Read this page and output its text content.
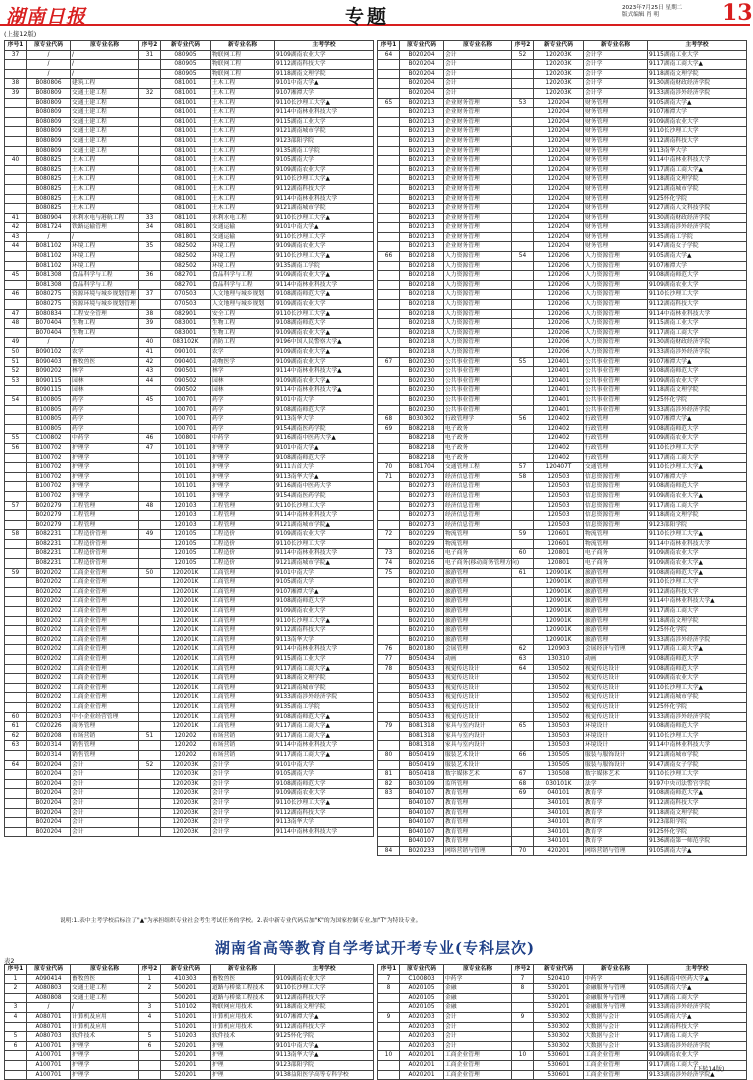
湖南日报	专题	2023年7月25日 星期二
版式编辑 肖 明	13
(上接12版)
序号1	原专业代码	原专业名称	序号2	新专业代码	新专业名称	主考学校
37	/	/	31	080905	物联网工程	9109湖南农业大学
	/	/		080905	物联网工程	9112湖南科技大学
	/	/		080905	物联网工程	9118湖南文理学院
38	B080806	建筑工程		081001	土木工程	9101中南大学▲
39	B080809	交通土建工程	32	081001	土木工程	9107湘潭大学
	B080809	交通土建工程		081001	土木工程	9110长沙理工大学▲
	B080809	交通土建工程		081001	土木工程	9114中南林业科技大学
	B080809	交通土建工程		081001	土木工程	9115湖南工业大学
	B080809	交通土建工程		081001	土木工程	9121湖南城市学院
	B080809	交通土建工程		081001	土木工程	9123邵阳学院
	B080809	交通土建工程		081001	土木工程	9135湖南工学院
40	B080825	土木工程		081001	土木工程	9105湖南大学
	B080825	土木工程		081001	土木工程	9109湖南农业大学
	B080825	土木工程		081001	土木工程	9110长沙理工大学▲
	B080825	土木工程		081001	土木工程	9112湖南科技大学
	B080825	土木工程		081001	土木工程	9114中南林业科技大学
	B080825	土木工程		081001	土木工程	9121湖南城市学院
41	B080904	水利水电与港航工程	33	081101	水利水电工程	9110长沙理工大学▲
42	B081724	铁路运输管理	34	081801	交通运输	9101中南大学▲
43	/	/		081801	交通运输	9110长沙理工大学
44	B081102	环境工程	35	082502	环境工程	9109湖南农业大学
	B081102	环境工程		082502	环境工程	9110长沙理工大学▲
	B081102	环境工程		082502	环境工程	9135湖南工学院
45	B081308	食品科学与工程	36	082701	食品科学与工程	9109湖南农业大学▲
	B081308	食品科学与工程		082701	食品科学与工程	9114中南林业科技大学
46	B080275	资源环境与城乡规划管理	37	070503	人文地理与城乡规划	9108湖南师范大学▲
	B080275	资源环境与城乡规划管理		070503	人文地理与城乡规划	9109湖南农业大学
47	B080834	工程安全管理	38	082901	安全工程	9110长沙理工大学▲
48	B070404	生物工程	39	083001	生物工程	9108湖南师范大学
	B070404	生物工程		083001	生物工程	9109湖南农业大学▲
49	/	/	40	083102K	消防工程	9196中国人民警察大学▲
50	B090102	农学	41	090101	农学	9109湖南农业大学▲
51	B090403	畜牧兽医	42	090401	动物医学	9109湖南农业大学
52	B090202	林学	43	090501	林学	9114中南林业科技大学▲
53	B090115	园林	44	090502	园林	9109湖南农业大学▲
	B090115	园林		090502	园林	9114中南林业科技大学▲
54	B100805	药学	45	100701	药学	9101中南大学
	B100805	药学		100701	药学	9108湖南师范大学
	B100805	药学		100701	药学	9113南华大学
	B100805	药学		100701	药学	9154湖南医药学院
55	C100802	中药学	46	100801	中药学	9116湖南中医药大学▲
56	B100702	护理学	47	101101	护理学	9101中南大学▲
	B100702	护理学		101101	护理学	9108湖南师范大学
	B100702	护理学		101101	护理学	9111吉首大学
	B100702	护理学		101101	护理学	9113南华大学▲
	B100702	护理学		101101	护理学	9116湖南中医药大学
	B100702	护理学		101101	护理学	9154湖南医药学院
57	B020279	工程管理	48	120103	工程管理	9110长沙理工大学
	B020279	工程管理		120103	工程管理	9114中南林业科技大学
	B020279	工程管理		120103	工程管理	9121湖南城市学院▲
58	B082231	工程造价管理	49	120105	工程造价	9109湖南农业大学
	B082231	工程造价管理		120105	工程造价	9110长沙理工大学
	B082231	工程造价管理		120105	工程造价	9114中南林业科技大学
	B082231	工程造价管理		120105	工程造价	9121湖南城市学院▲
59	B020202	工商企业管理	50	120201K	工商管理	9101中南大学
	B020202	工商企业管理		120201K	工商管理	9105湖南大学
	B020202	工商企业管理		120201K	工商管理	9107湘潭大学▲
	B020202	工商企业管理		120201K	工商管理	9108湖南师范大学
	B020202	工商企业管理		120201K	工商管理	9109湖南农业大学
	B020202	工商企业管理		120201K	工商管理	9110长沙理工大学▲
	B020202	工商企业管理		120201K	工商管理	9112湖南科技大学
	B020202	工商企业管理		120201K	工商管理	9113南华大学
	B020202	工商企业管理		120201K	工商管理	9114中南林业科技大学
	B020202	工商企业管理		120201K	工商管理	9115湖南工业大学
	B020202	工商企业管理		120201K	工商管理	9117湖南工商大学▲
	B020202	工商企业管理		120201K	工商管理	9118湖南文理学院
	B020202	工商企业管理		120201K	工商管理	9121湖南城市学院
	B020202	工商企业管理		120201K	工商管理	9133湖南涉外经济学院
	B020202	工商企业管理		120201K	工商管理	9135湖南工学院
60	B020203	中小企业经营管理		120201K	工商管理	9108湖南师范大学▲
61	C020226	商务管理		120201K	工商管理	9117湖南工商大学▲
62	B020208	市场营销	51	120202	市场营销	9117湖南工商大学▲
63	B020314	销售管理		120202	市场营销	9114中南林业科技大学
	B020314	销售管理		120202	市场营销	9117湖南工商大学▲
64	B020204	会计	52	120203K	会计学	9101中南大学
	B020204	会计		120203K	会计学	9105湖南大学
	B020204	会计		120203K	会计学	9108湖南师范大学
	B020204	会计		120203K	会计学	9109湖南农业大学
	B020204	会计		120203K	会计学	9110长沙理工大学▲
	B020204	会计		120203K	会计学	9112湖南科技大学
	B020204	会计		120203K	会计学	9113南华大学
	B020204	会计		120203K	会计学	9114中南林业科技大学
序号1	原专业代码	原专业名称	序号2	新专业代码	新专业名称	主考学校
64	B020204	会计	52	120203K	会计学	9115湖南工业大学
	B020204	会计		120203K	会计学	9117湖南工商大学▲
	B020204	会计		120203K	会计学	9118湖南文理学院
	B020204	会计		120203K	会计学	9130湖南财政经济学院
	B020204	会计		120203K	会计学	9133湖南涉外经济学院
65	B020213	企业财务管理	53	120204	财务管理	9105湖南大学▲
	B020213	企业财务管理		120204	财务管理	9107湘潭大学
	B020213	企业财务管理		120204	财务管理	9109湖南农业大学
	B020213	企业财务管理		120204	财务管理	9110长沙理工大学
	B020213	企业财务管理		120204	财务管理	9112湖南科技大学
	B020213	企业财务管理		120204	财务管理	9113南华大学
	B020213	企业财务管理		120204	财务管理	9114中南林业科技大学
	B020213	企业财务管理		120204	财务管理	9117湖南工商大学▲
	B020213	企业财务管理		120204	财务管理	9118湖南文理学院
	B020213	企业财务管理		120204	财务管理	9121湖南城市学院
	B020213	企业财务管理		120204	财务管理	9125怀化学院
	B020213	企业财务管理		120204	财务管理	9127湖南人文科技学院
	B020213	企业财务管理		120204	财务管理	9130湖南财政经济学院
	B020213	企业财务管理		120204	财务管理	9133湖南涉外经济学院
	B020213	企业财务管理		120204	财务管理	9135湖南工学院
	B020213	企业财务管理		120204	财务管理	9147湖南女子学院
66	B020218	人力资源管理	54	120206	人力资源管理	9105湖南大学▲
	B020218	人力资源管理		120206	人力资源管理	9107湘潭大学
	B020218	人力资源管理		120206	人力资源管理	9108湖南师范大学
	B020218	人力资源管理		120206	人力资源管理	9109湖南农业大学
	B020218	人力资源管理		120206	人力资源管理	9110长沙理工大学
	B020218	人力资源管理		120206	人力资源管理	9112湖南科技大学
	B020218	人力资源管理		120206	人力资源管理	9114中南林业科技大学
	B020218	人力资源管理		120206	人力资源管理	9115湖南工业大学
	B020218	人力资源管理		120206	人力资源管理	9117湖南工商大学
	B020218	人力资源管理		120206	人力资源管理	9130湖南财政经济学院
	B020218	人力资源管理		120206	人力资源管理	9133湖南涉外经济学院
67	B020230	公共事业管理	55	120401	公共事业管理	9107湘潭大学▲
	B020230	公共事业管理		120401	公共事业管理	9108湖南师范大学
	B020230	公共事业管理		120401	公共事业管理	9109湖南农业大学
	B020230	公共事业管理		120401	公共事业管理	9118湖南文理学院
	B020230	公共事业管理		120401	公共事业管理	9125怀化学院
	B020230	公共事业管理		120401	公共事业管理	9133湖南涉外经济学院
68	B030302	行政管理学	56	120402	行政管理	9107湘潭大学▲
69	B082218	电子政务		120402	行政管理	9108湖南师范大学
	B082218	电子政务		120402	行政管理	9109湖南农业大学
	B082218	电子政务		120402	行政管理	9110长沙理工大学
	B082218	电子政务		120402	行政管理	9117湖南工商大学
70	B081704	交通管理工程	57	120407T	交通管理	9110长沙理工大学▲
71	B020273	经济信息管理	58	120503	信息资源管理	9107湘潭大学
	B020273	经济信息管理		120503	信息资源管理	9108湖南师范大学
	B020273	经济信息管理		120503	信息资源管理	9109湖南农业大学▲
	B020273	经济信息管理		120503	信息资源管理	9117湖南工商大学
	B020273	经济信息管理		120503	信息资源管理	9118湖南文理学院
	B020273	经济信息管理		120503	信息资源管理	9123邵阳学院
72	B020229	物流管理	59	120601	物流管理	9110长沙理工大学▲
	B020229	物流管理		120601	物流管理	9114中南林业科技大学
73	B020216	电子商务	60	120801	电子商务	9109湖南农业大学
74	B020216	电子商务(移动商务管理方向)		120801	电子商务	9109湖南农业大学▲
75	B020210	旅游管理	61	120901K	旅游管理	9108湖南师范大学▲
	B020210	旅游管理		120901K	旅游管理	9110长沙理工大学
	B020210	旅游管理		120901K	旅游管理	9112湖南科技大学
	B020210	旅游管理		120901K	旅游管理	9114中南林业科技大学▲
	B020210	旅游管理		120901K	旅游管理	9117湖南工商大学
	B020210	旅游管理		120901K	旅游管理	9118湖南文理学院
	B020210	旅游管理		120901K	旅游管理	9125怀化学院
	B020210	旅游管理		120901K	旅游管理	9133湖南涉外经济学院
76	B020180	会展管理	62	120903	会展经济与管理	9117湖南工商大学▲
77	B050434	动画	63	130310	动画	9108湖南师范大学
78	B050433	视觉传达设计	64	130502	视觉传达设计	9108湖南师范大学
	B050433	视觉传达设计		130502	视觉传达设计	9109湖南农业大学
	B050433	视觉传达设计		130502	视觉传达设计	9110长沙理工大学▲
	B050433	视觉传达设计		130502	视觉传达设计	9121湖南城市学院
	B050433	视觉传达设计		130502	视觉传达设计	9125怀化学院
	B050433	视觉传达设计		130502	视觉传达设计	9133湖南涉外经济学院
79	B081318	家具与室内设计	65	130503	环境设计	9108湖南师范大学
	B081318	家具与室内设计		130503	环境设计	9110长沙理工大学
	B081318	家具与室内设计		130503	环境设计	9114中南林业科技大学
80	B050419	服装艺术设计	66	130505	服装与服饰设计	9121湖南城市学院
	B050419	服装艺术设计		130505	服装与服饰设计	9147湖南女子学院
81	B050418	数字媒体艺术	67	130508	数字媒体艺术	9110长沙理工大学
82	B030109	监所管理	68	030101K	法学	9197中央司法警官学院
83	B040107	教育管理	69	040101	教育学	9108湖南师范大学▲
	B040107	教育管理		340101	教育学	9112湖南科技大学
	B040107	教育管理		340101	教育学	9118湖南文理学院
	B040107	教育管理		340101	教育学	9123邵阳学院
	B040107	教育管理		340101	教育学	9125怀化学院
	B040107	教育管理		340101	教育学	9136湖南第一师范学院
84	B020233	网络营销与管理	70	420201	网络营销与管理	9105湖南大学▲
说明:1.表中主考学校后标注了"▲"为承担组织专业社会考生考试任务的学校。2.表中新专业代码后加"K"的为国家控制专业,加"T"为特设专业。
湖南省高等教育自学考试开考专业(专科层次)
表2
序号1	原专业代码	原专业名称	序号2	新专业代码	新专业名称	主考学校
1	A090414	畜牧兽医	1	410303	畜牧兽医	9109湖南农业大学
2	A080803	交通土建工程	2	500201	道路与桥梁工程技术	9110长沙理工大学
	A080808	交通土建工程		500201	道路与桥梁工程技术	9112湖南科技大学
3	/	/	3	510102	物联网应用技术	9118湖南文理学院
4	A080701	计算机及应用	4	510201	计算机应用技术	9107湘潭大学▲
	A080701	计算机及应用		510201	计算机应用技术	9112湖南科技大学
5	A080703	软件技术	5	510203	软件技术	9125怀化学院
6	A100701	护理学	6	520201	护理	9101中南大学▲
	A100701	护理学		520201	护理	9113南华大学▲
	A100701	护理学		520201	护理	9123邵阳学院
	A100701	护理学		520201	护理	9138益阳医学高等专科学校
序号1	原专业代码	原专业名称	序号2	新专业代码	新专业名称	主考学校
7	C100803	中药学	7	520410	中药学	9116湖南中医药大学▲
8	A020105	金融	8	530201	金融服务与管理	9105湖南大学▲
	A020105	金融		530201	金融服务与管理	9117湖南工商大学
	A020105	金融		530201	金融服务与管理	9133湖南涉外经济学院
9	A020203	会计	9	530302	大数据与会计	9105湖南大学▲
	A020203	会计		530302	大数据与会计	9112湖南科技大学
	A020203	会计		530302	大数据与会计	9117湖南工商大学
	A020203	会计		530302	大数据与会计	9133湖南涉外经济学院
10	A020201	工商企业管理	10	530601	工商企业管理	9109湖南农业大学
	A020201	工商企业管理		530601	工商企业管理	9117湖南工商大学
	A020201	工商企业管理		530601	工商企业管理	9133湖南涉外经济学院▲
(下转14版)
